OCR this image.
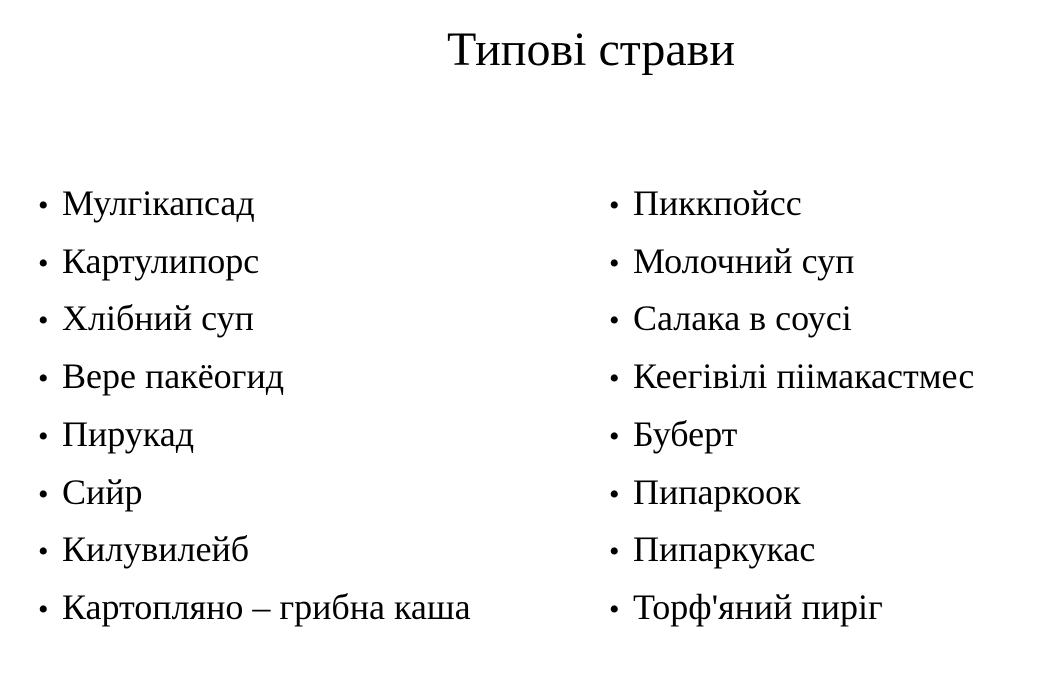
Типові страви
• Мулгікапсад
• Картулипорс
• Хлібний суп
• Вере пакёогид
• Пирукад
• Сийр
• Килувилейб
• Картопляно – грибна каша
• Пиккпойсс
• Молочний суп
• Салака в соусі
• Кеегівілі піімакастмес
• Буберт
• Пипаркоок
• Пипаркукас
• Торф'яний пиріг
